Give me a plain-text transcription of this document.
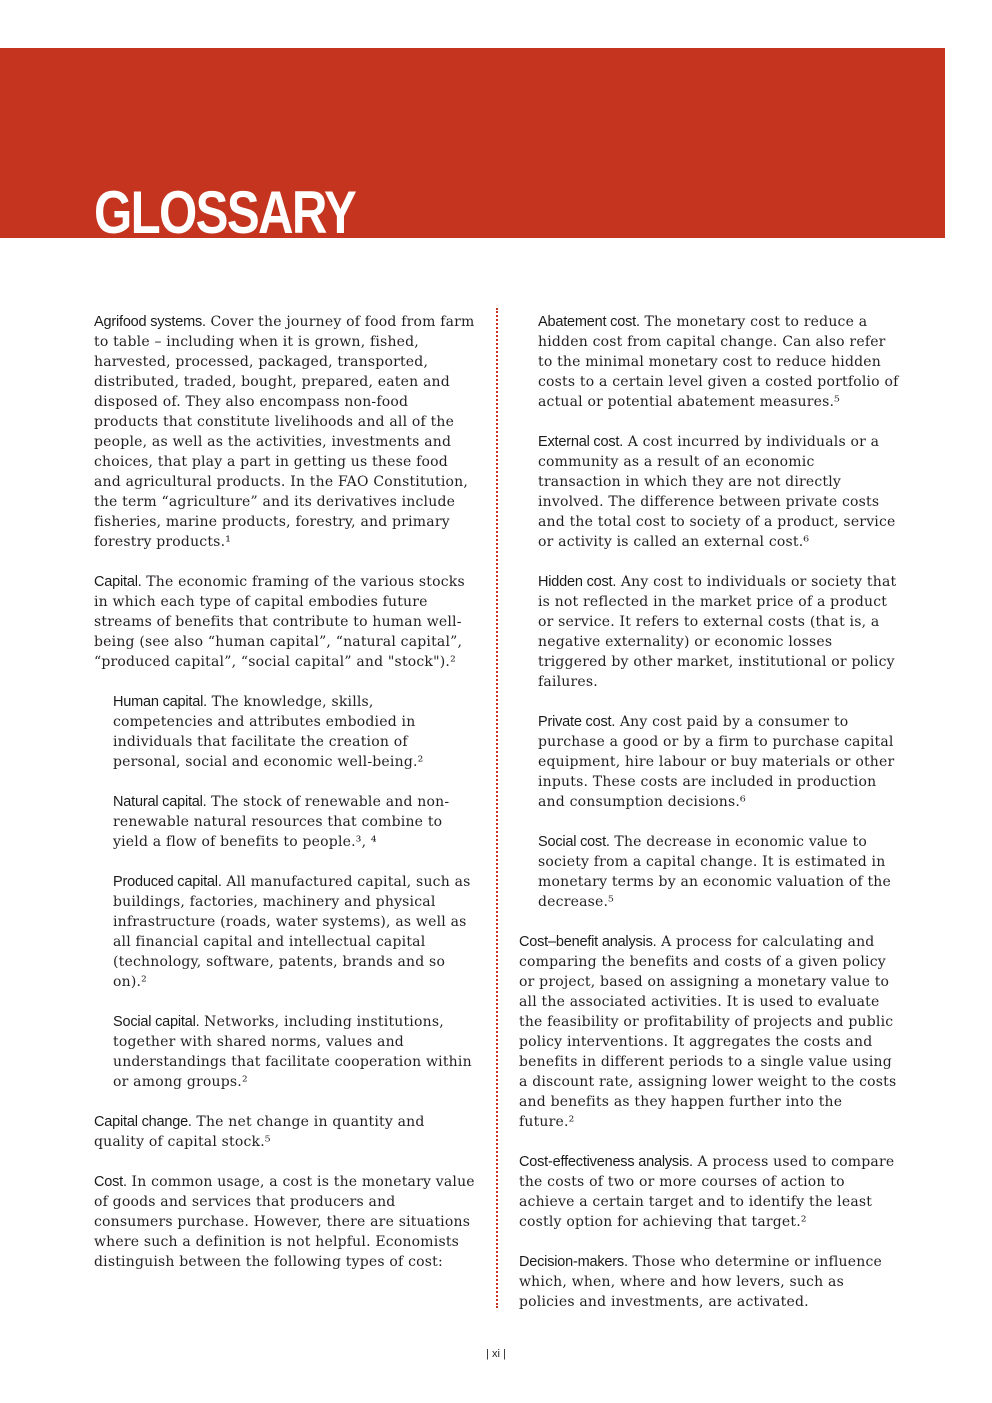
GLOSSARY

Agrifood systems. Cover the journey of food from farm to table – including when it is grown, fished, harvested, processed, packaged, transported, distributed, traded, bought, prepared, eaten and disposed of. They also encompass non-food products that constitute livelihoods and all of the people, as well as the activities, investments and choices, that play a part in getting us these food and agricultural products. In the FAO Constitution, the term “agriculture” and its derivatives include fisheries, marine products, forestry, and primary forestry products.¹

Capital. The economic framing of the various stocks in which each type of capital embodies future streams of benefits that contribute to human well-being (see also “human capital”, “natural capital”, “produced capital”, “social capital” and "stock").²

Human capital. The knowledge, skills, competencies and attributes embodied in individuals that facilitate the creation of personal, social and economic well-being.²

Natural capital. The stock of renewable and non-renewable natural resources that combine to yield a flow of benefits to people.³, ⁴

Produced capital. All manufactured capital, such as buildings, factories, machinery and physical infrastructure (roads, water systems), as well as all financial capital and intellectual capital (technology, software, patents, brands and so on).²

Social capital. Networks, including institutions, together with shared norms, values and understandings that facilitate cooperation within or among groups.²

Capital change. The net change in quantity and quality of capital stock.⁵

Cost. In common usage, a cost is the monetary value of goods and services that producers and consumers purchase. However, there are situations where such a definition is not helpful. Economists distinguish between the following types of cost:

Abatement cost. The monetary cost to reduce a hidden cost from capital change. Can also refer to the minimal monetary cost to reduce hidden costs to a certain level given a costed portfolio of actual or potential abatement measures.⁵

External cost. A cost incurred by individuals or a community as a result of an economic transaction in which they are not directly involved. The difference between private costs and the total cost to society of a product, service or activity is called an external cost.⁶

Hidden cost. Any cost to individuals or society that is not reflected in the market price of a product or service. It refers to external costs (that is, a negative externality) or economic losses triggered by other market, institutional or policy failures.

Private cost. Any cost paid by a consumer to purchase a good or by a firm to purchase capital equipment, hire labour or buy materials or other inputs. These costs are included in production and consumption decisions.⁶

Social cost. The decrease in economic value to society from a capital change. It is estimated in monetary terms by an economic valuation of the decrease.⁵

Cost–benefit analysis. A process for calculating and comparing the benefits and costs of a given policy or project, based on assigning a monetary value to all the associated activities. It is used to evaluate the feasibility or profitability of projects and public policy interventions. It aggregates the costs and benefits in different periods to a single value using a discount rate, assigning lower weight to the costs and benefits as they happen further into the future.²

Cost-effectiveness analysis. A process used to compare the costs of two or more courses of action to achieve a certain target and to identify the least costly option for achieving that target.²

Decision-makers. Those who determine or influence which, when, where and how levers, such as policies and investments, are activated.

| xi |
